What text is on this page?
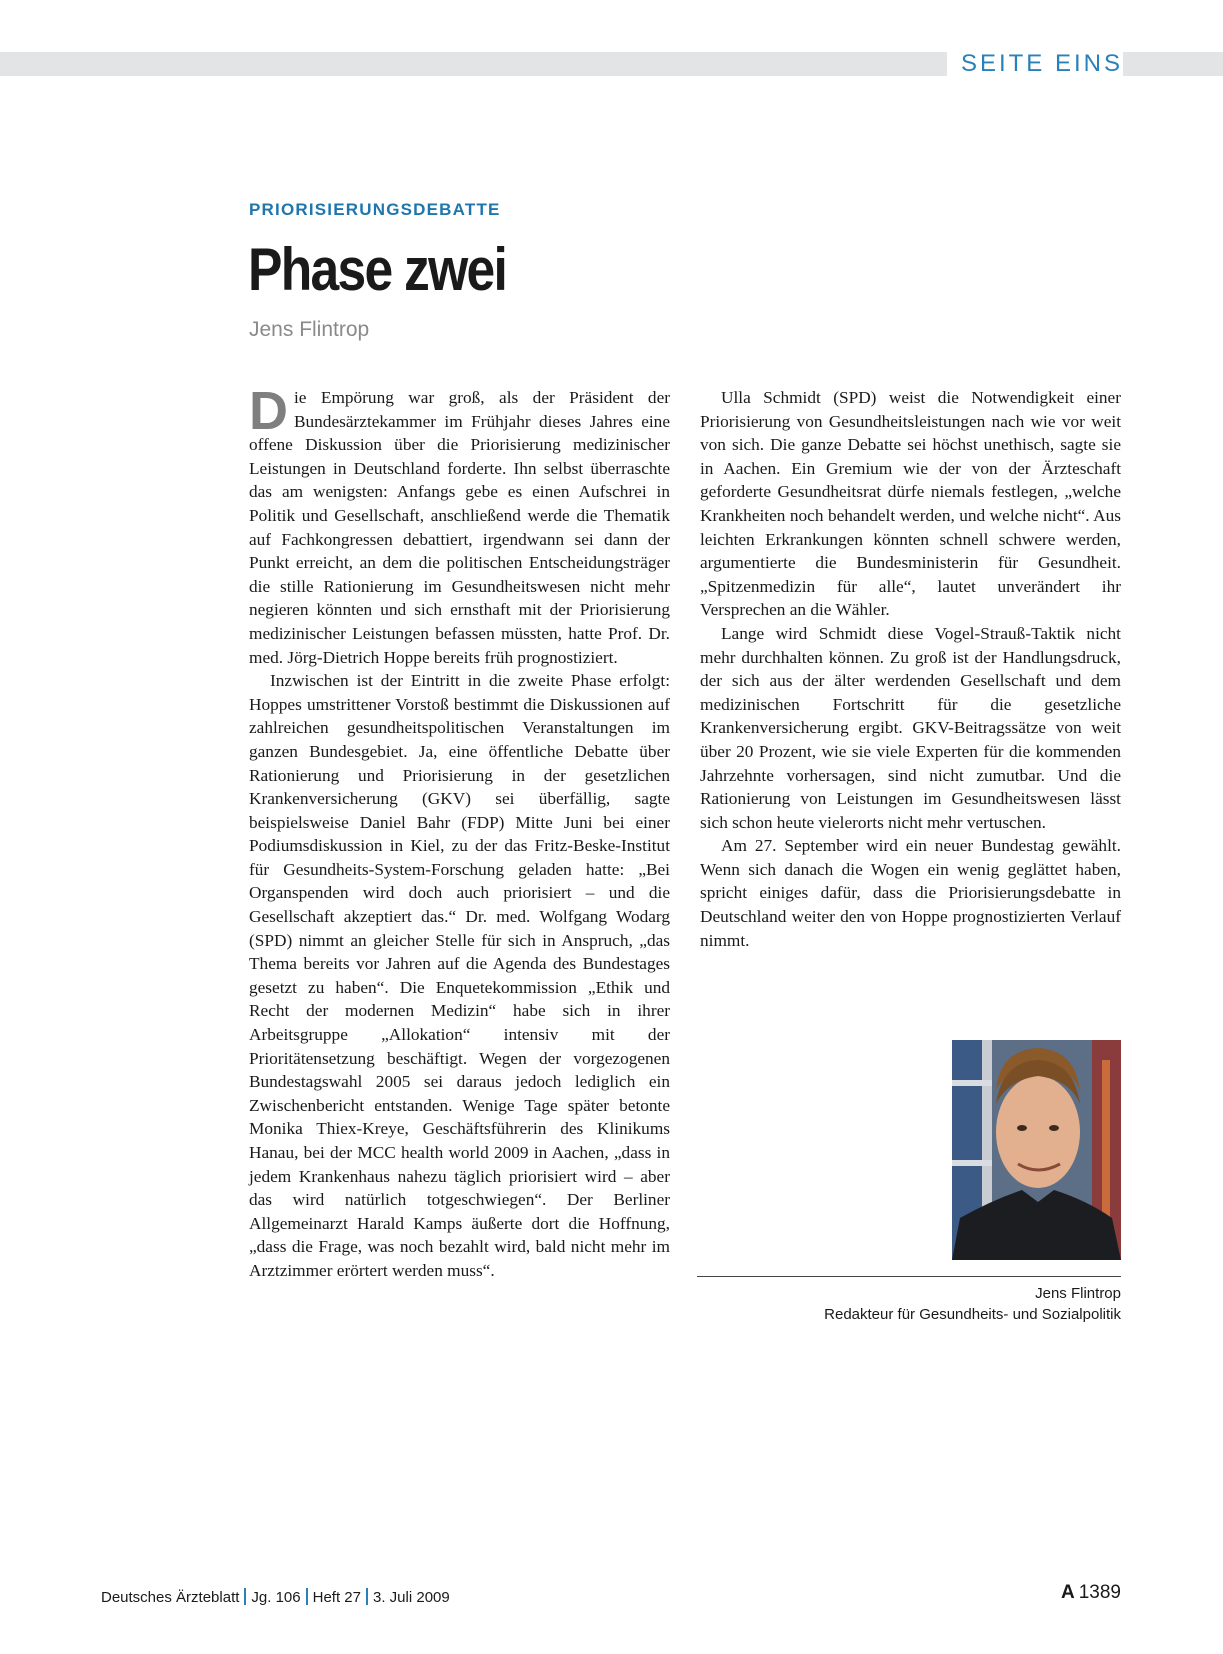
SEITE EINS
PRIORISIERUNGSDEBATTE
Phase zwei
Jens Flintrop

Die Empörung war groß, als der Präsident der Bundesärztekammer im Frühjahr dieses Jahres eine offene Diskussion über die Priorisierung medizinischer Leistungen in Deutschland forderte. Ihn selbst überraschte das am wenigsten: Anfangs gebe es einen Aufschrei in Politik und Gesellschaft, anschließend werde die Thematik auf Fachkongressen debattiert, irgendwann sei dann der Punkt erreicht, an dem die politischen Entscheidungsträger die stille Rationierung im Gesundheitswesen nicht mehr negieren könnten und sich ernsthaft mit der Priorisierung medizinischer Leistungen befassen müssten, hatte Prof. Dr. med. Jörg-Dietrich Hoppe bereits früh prognostiziert.

Inzwischen ist der Eintritt in die zweite Phase erfolgt: Hoppes umstrittener Vorstoß bestimmt die Diskussionen auf zahlreichen gesundheitspolitischen Veranstaltungen im ganzen Bundesgebiet. Ja, eine öffentliche Debatte über Rationierung und Priorisierung in der gesetzlichen Krankenversicherung (GKV) sei überfällig, sagte beispielsweise Daniel Bahr (FDP) Mitte Juni bei einer Podiumsdiskussion in Kiel, zu der das Fritz-Beske-Institut für Gesundheits-System-Forschung geladen hatte: „Bei Organspenden wird doch auch priorisiert – und die Gesellschaft akzeptiert das.“ Dr. med. Wolfgang Wodarg (SPD) nimmt an gleicher Stelle für sich in Anspruch, „das Thema bereits vor Jahren auf die Agenda des Bundestages gesetzt zu haben“. Die Enquetekommission „Ethik und Recht der modernen Medizin“ habe sich in ihrer Arbeitsgruppe „Allokation“ intensiv mit der Prioritätensetzung beschäftigt. Wegen der vorgezogenen Bundestagswahl 2005 sei daraus jedoch lediglich ein Zwischenbericht entstanden. Wenige Tage später betonte Monika Thiex-Kreye, Geschäftsführerin des Klinikums Hanau, bei der MCC health world 2009 in Aachen, „dass in jedem Krankenhaus nahezu täglich priorisiert wird – aber das wird natürlich totgeschwiegen“. Der Berliner Allgemeinarzt Harald Kamps äußerte dort die Hoffnung, „dass die Frage, was noch bezahlt wird, bald nicht mehr im Arztzimmer erörtert werden muss“.

Ulla Schmidt (SPD) weist die Notwendigkeit einer Priorisierung von Gesundheitsleistungen nach wie vor weit von sich. Die ganze Debatte sei höchst unethisch, sagte sie in Aachen. Ein Gremium wie der von der Ärzteschaft geforderte Gesundheitsrat dürfe niemals festlegen, „welche Krankheiten noch behandelt werden, und welche nicht“. Aus leichten Erkrankungen könnten schnell schwere werden, argumentierte die Bundesministerin für Gesundheit. „Spitzenmedizin für alle“, lautet unverändert ihr Versprechen an die Wähler.

Lange wird Schmidt diese Vogel-Strauß-Taktik nicht mehr durchhalten können. Zu groß ist der Handlungsdruck, der sich aus der älter werdenden Gesellschaft und dem medizinischen Fortschritt für die gesetzliche Krankenversicherung ergibt. GKV-Beitragssätze von weit über 20 Prozent, wie sie viele Experten für die kommenden Jahrzehnte vorhersagen, sind nicht zumutbar. Und die Rationierung von Leistungen im Gesundheitswesen lässt sich schon heute vielerorts nicht mehr vertuschen.

Am 27. September wird ein neuer Bundestag gewählt. Wenn sich danach die Wogen ein wenig geglättet haben, spricht einiges dafür, dass die Priorisierungsdebatte in Deutschland weiter den von Hoppe prognostizierten Verlauf nimmt.

Jens Flintrop
Redakteur für Gesundheits- und Sozialpolitik
Deutsches Ärzteblatt Jg. 106 Heft 27 3. Juli 2009	A 1389
